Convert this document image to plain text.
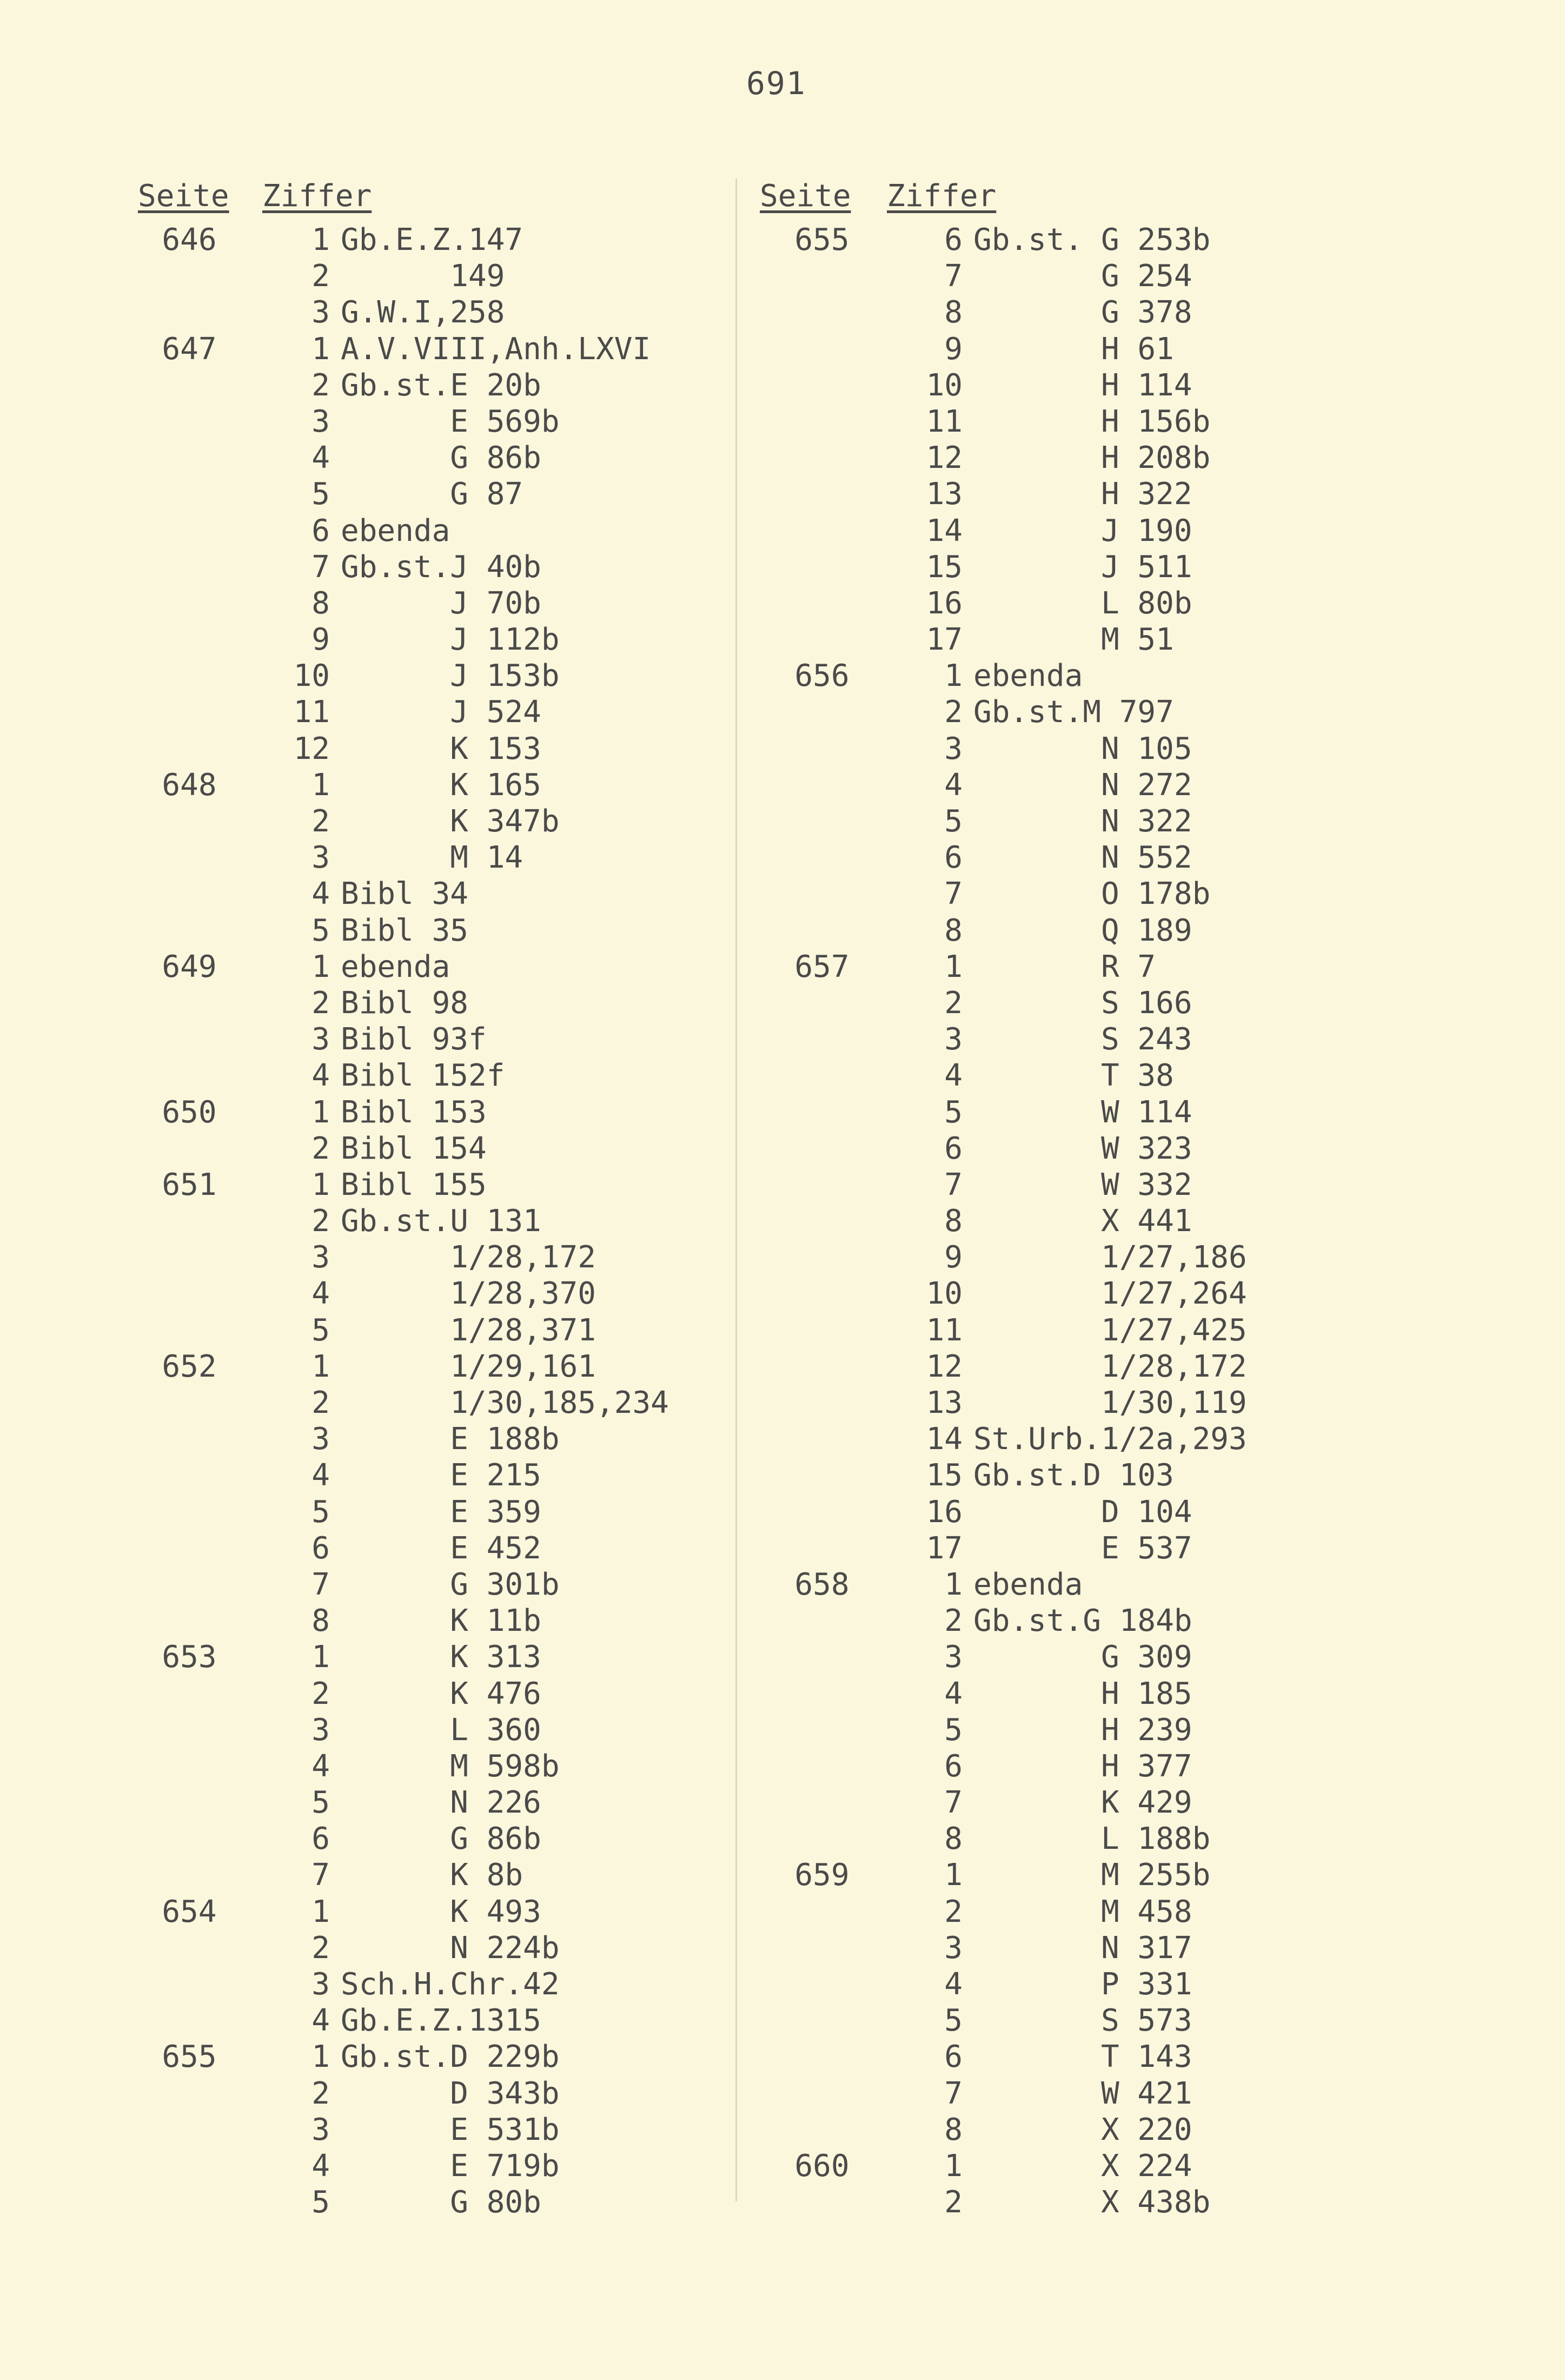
691
Seite Ziffer	Seite Ziffer
646	1 Gb.E.Z.147
2 149
3 G.W.I,258
647	1 A.V.VIII,Anh.LXVI
2 Gb.st.E 20b
3 E 569b
4 G 86b
5 G 87
6 ebenda
7 Gb.st.J 40b
8 J 70b
9 J 112b
10 J 153b
11 J 524
12 K 153
648	1 K 165
2 K 347b
3 M 14
4 Bibl 34
5 Bibl 35
649	1 ebenda
2 Bibl 98
3 Bibl 93f
4 Bibl 152f
650	1 Bibl 153
2 Bibl 154
651	1 Bibl 155
2 Gb.st.U 131
3 1/28,172
4 1/28,370
5 1/28,371
652	1 1/29,161
2 1/30,185,234
3 E 188b
4 E 215
5 E 359
6 E 452
7 G 301b
8 K 11b
653	1 K 313
2 K 476
3 L 360
4 M 598b
5 N 226
6 G 86b
7 K 8b
654	1 K 493
2 N 224b
3 Sch.H.Chr.42
4 Gb.E.Z.1315
655	1 Gb.st.D 229b
2 D 343b
3 E 531b
4 E 719b
5 G 80b
655	6 Gb.st. G 253b
7 G 254
8 G 378
9 H 61
10 H 114
11 H 156b
12 H 208b
13 H 322
14 J 190
15 J 511
16 L 80b
17 M 51
656	1 ebenda
2 Gb.st.M 797
3 N 105
4 N 272
5 N 322
6 N 552
7 O 178b
8 Q 189
657	1 R 7
2 S 166
3 S 243
4 T 38
5 W 114
6 W 323
7 W 332
8 X 441
9 1/27,186
10 1/27,264
11 1/27,425
12 1/28,172
13 1/30,119
14 St.Urb.1/2a,293
15 Gb.st.D 103
16 D 104
17 E 537
658	1 ebenda
2 Gb.st.G 184b
3 G 309
4 H 185
5 H 239
6 H 377
7 K 429
8 L 188b
659	1 M 255b
2 M 458
3 N 317
4 P 331
5 S 573
6 T 143
7 W 421
8 X 220
660	1 X 224
2 X 438b
